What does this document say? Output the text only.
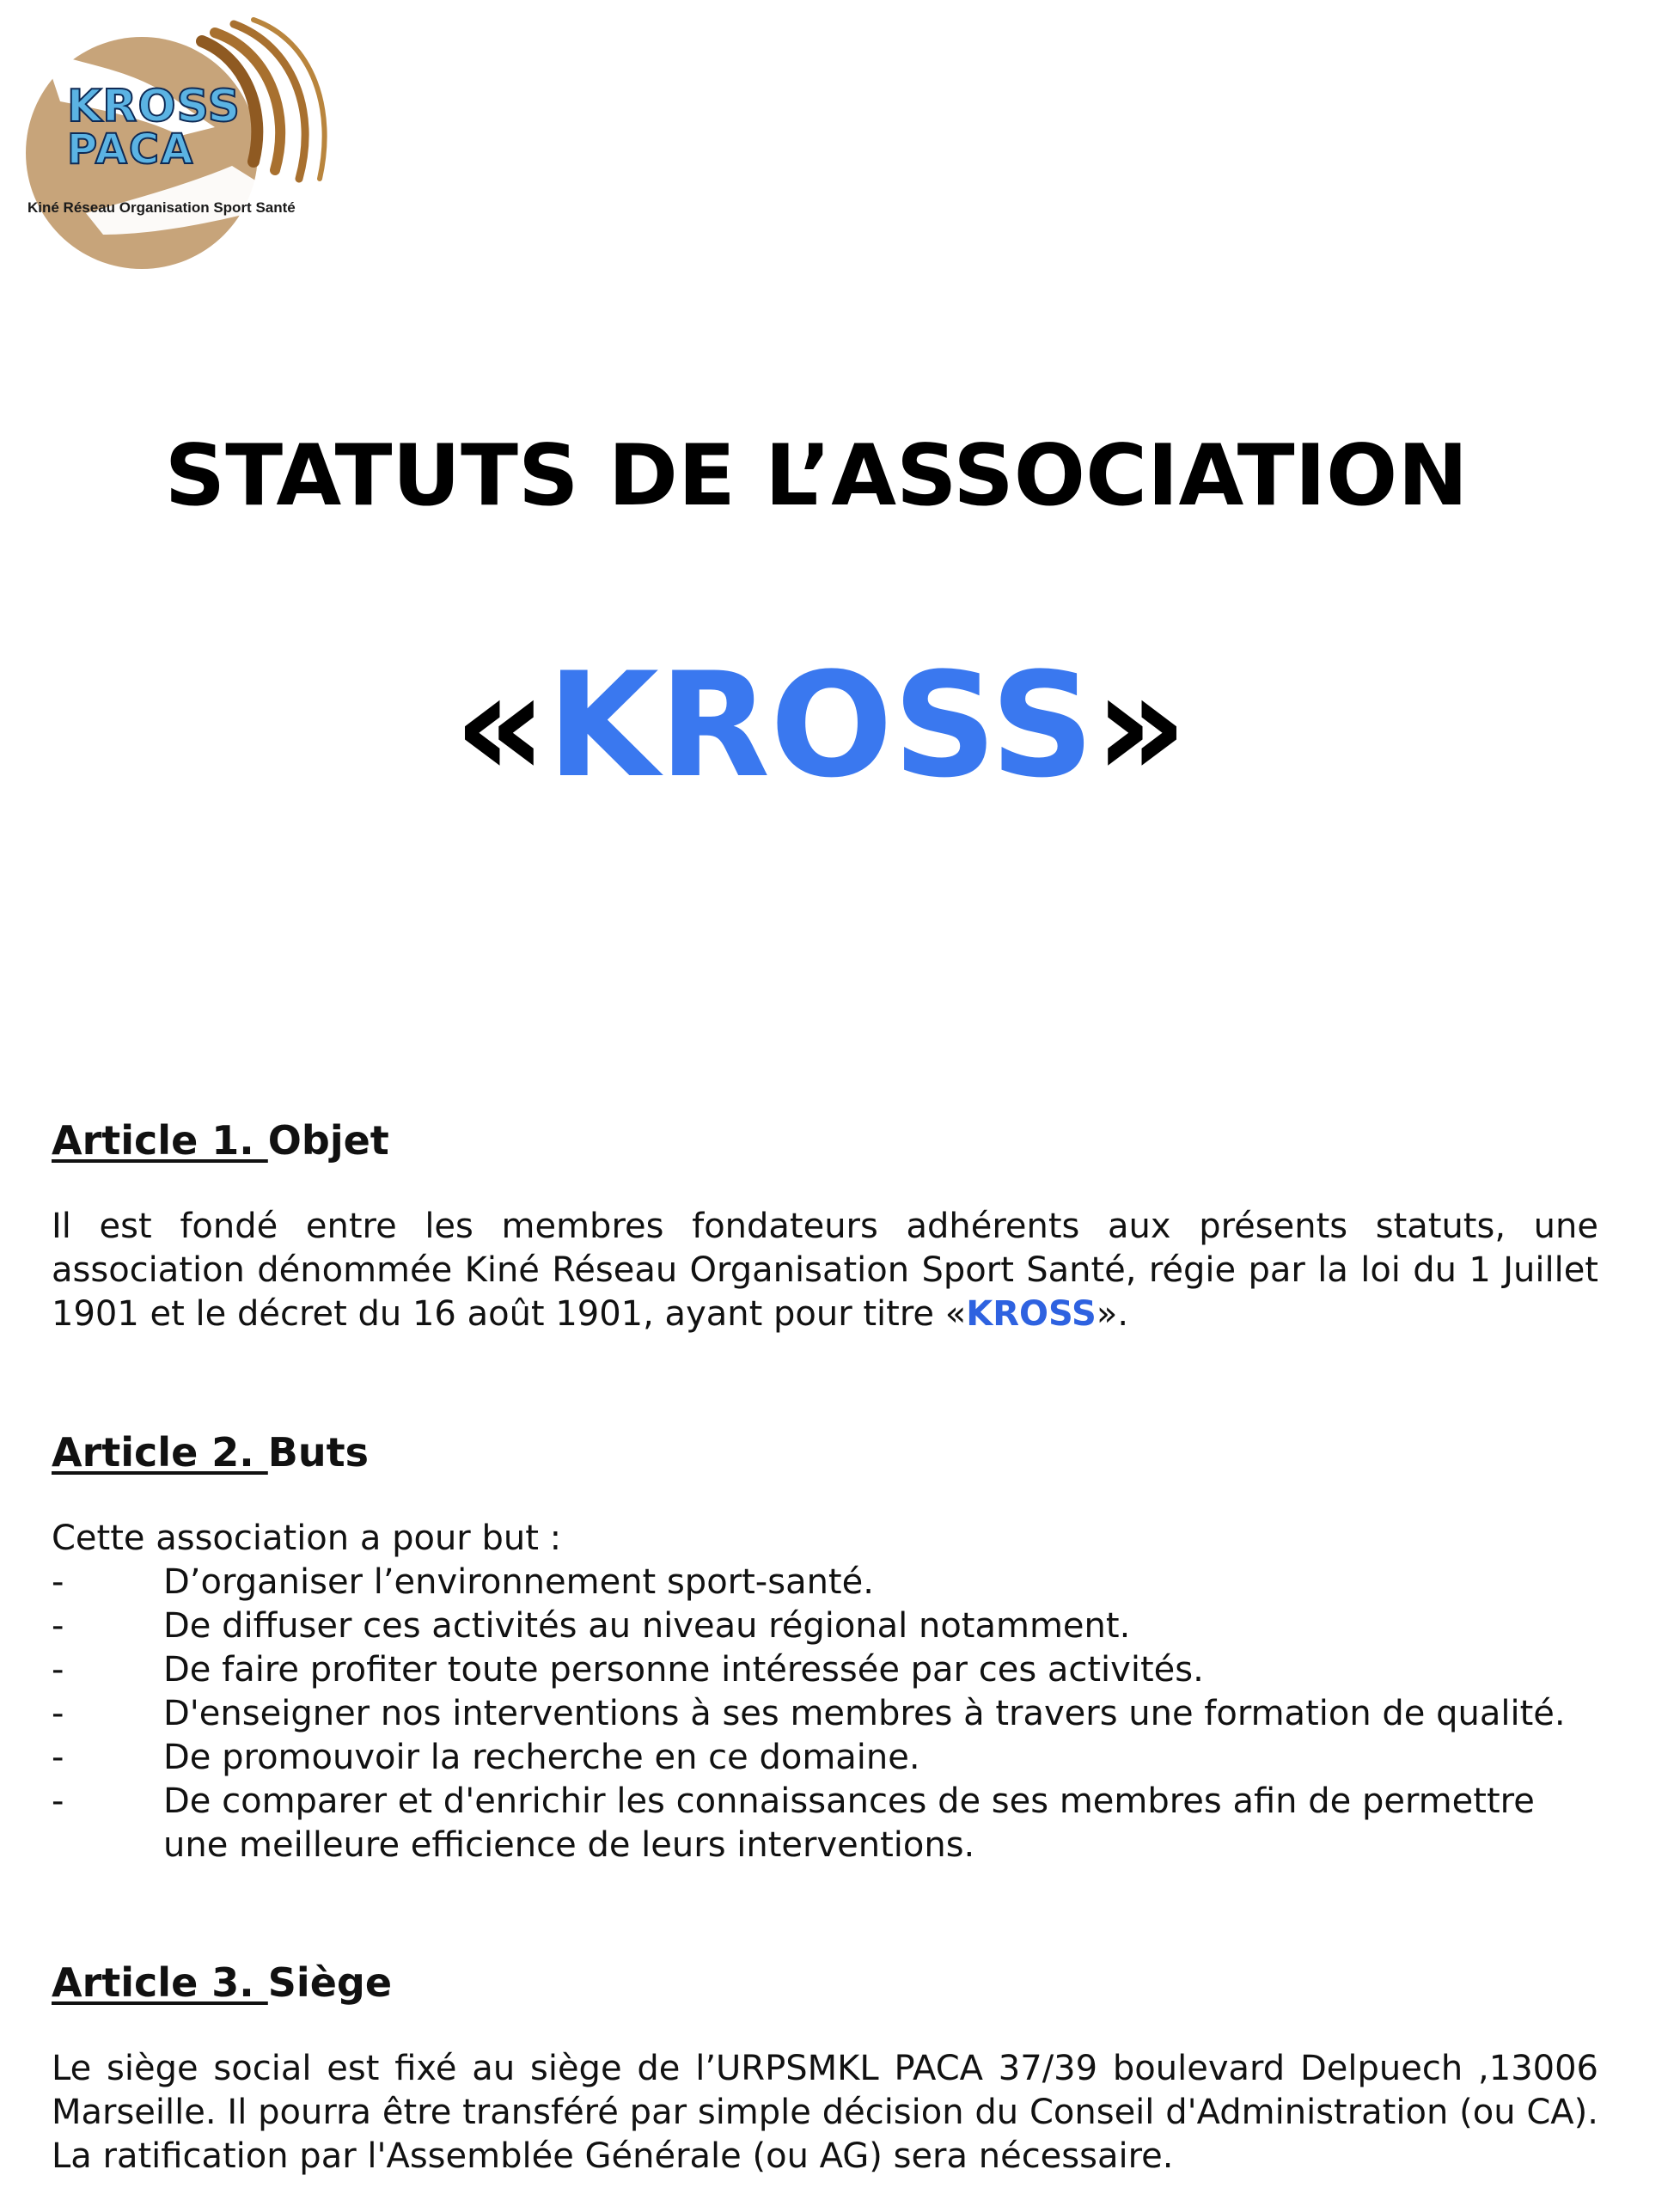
KROSS
PACA
Kiné Réseau Organisation Sport Santé
STATUTS DE L’ASSOCIATION
«KROSS»
Article 1. Objet

Il est fondé entre les membres fondateurs adhérents aux présents statuts, une association dénommée Kiné Réseau Organisation Sport Santé, régie par la loi du 1 Juillet 1901 et le décret du 16 août 1901, ayant pour titre «KROSS».

Article 2. Buts

Cette association a pour but :

-	D’organiser l’environnement sport-santé.
-	De diffuser ces activités au niveau régional notamment.
-	De faire profiter toute personne intéressée par ces activités.
-	D'enseigner nos interventions à ses membres à travers une formation de qualité.
-	De promouvoir la recherche en ce domaine.
-	De comparer et d'enrichir les connaissances de ses membres afin de permettre une meilleure efficience de leurs interventions.
Article 3. Siège

Le siège social est fixé au siège de l’URPSMKL PACA 37/39 boulevard Delpuech ,13006 Marseille. Il pourra être transféré par simple décision du Conseil d'Administration (ou CA). La ratification par l'Assemblée Générale (ou AG) sera nécessaire.
